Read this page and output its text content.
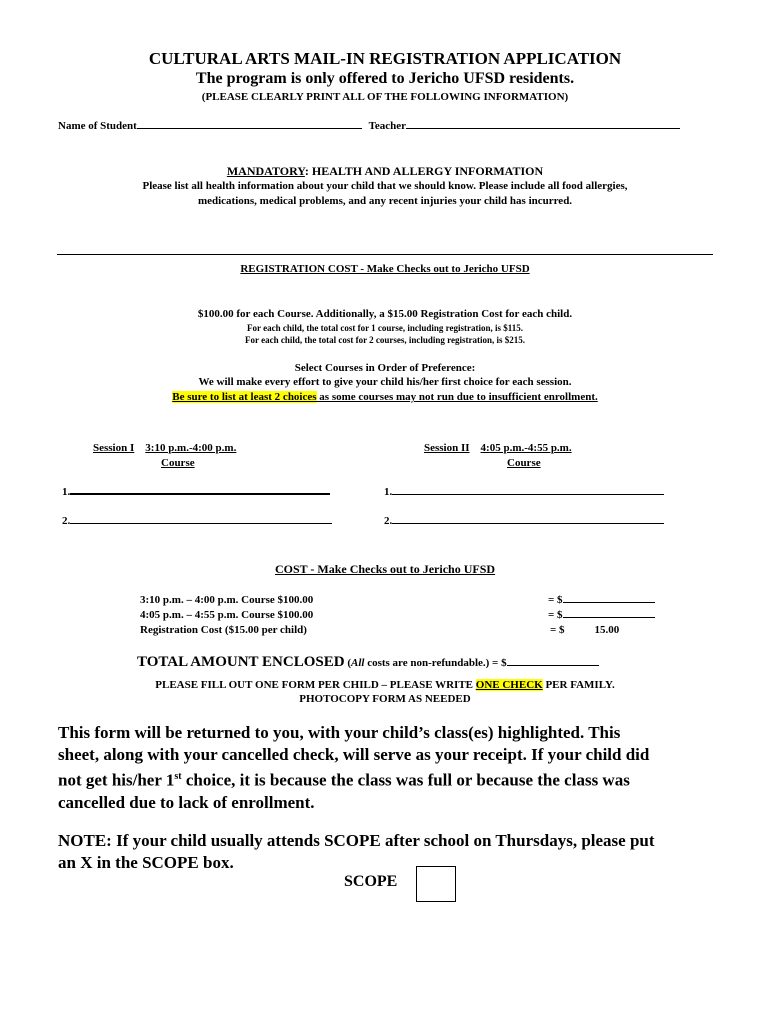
CULTURAL ARTS MAIL-IN REGISTRATION APPLICATION
The program is only offered to Jericho UFSD residents.
(PLEASE CLEARLY PRINT ALL OF THE FOLLOWING INFORMATION)
Name of Student	Teacher
MANDATORY: HEALTH AND ALLERGY INFORMATION
Please list all health information about your child that we should know. Please include all food allergies,
medications, medical problems, and any recent injuries your child has incurred.
REGISTRATION COST - Make Checks out to Jericho UFSD
$100.00 for each Course. Additionally, a $15.00 Registration Cost for each child.
For each child, the total cost for 1 course, including registration, is $115.
For each child, the total cost for 2 courses, including registration, is $215.
Select Courses in Order of Preference:
We will make every effort to give your child his/her first choice for each session.
Be sure to list at least 2 choices as some courses may not run due to insufficient enrollment.
Session I 3:10 p.m.-4:00 p.m.
Course
Session II 4:05 p.m.-4:55 p.m.
Course
1.	1.
2.	2.
COST - Make Checks out to Jericho UFSD
3:10 p.m. – 4:00 p.m. Course $100.00	= $
4:05 p.m. – 4:55 p.m. Course $100.00	= $
Registration Cost ($15.00 per child)	= $	15.00
TOTAL AMOUNT ENCLOSED (All costs are non-refundable.) = $
PLEASE FILL OUT ONE FORM PER CHILD – PLEASE WRITE ONE CHECK PER FAMILY.
PHOTOCOPY FORM AS NEEDED
This form will be returned to you, with your child’s class(es) highlighted. This
sheet, along with your cancelled check, will serve as your receipt. If your child did
not get his/her 1st choice, it is because the class was full or because the class was
cancelled due to lack of enrollment.
NOTE: If your child usually attends SCOPE after school on Thursdays, please put
an X in the SCOPE box.
SCOPE
